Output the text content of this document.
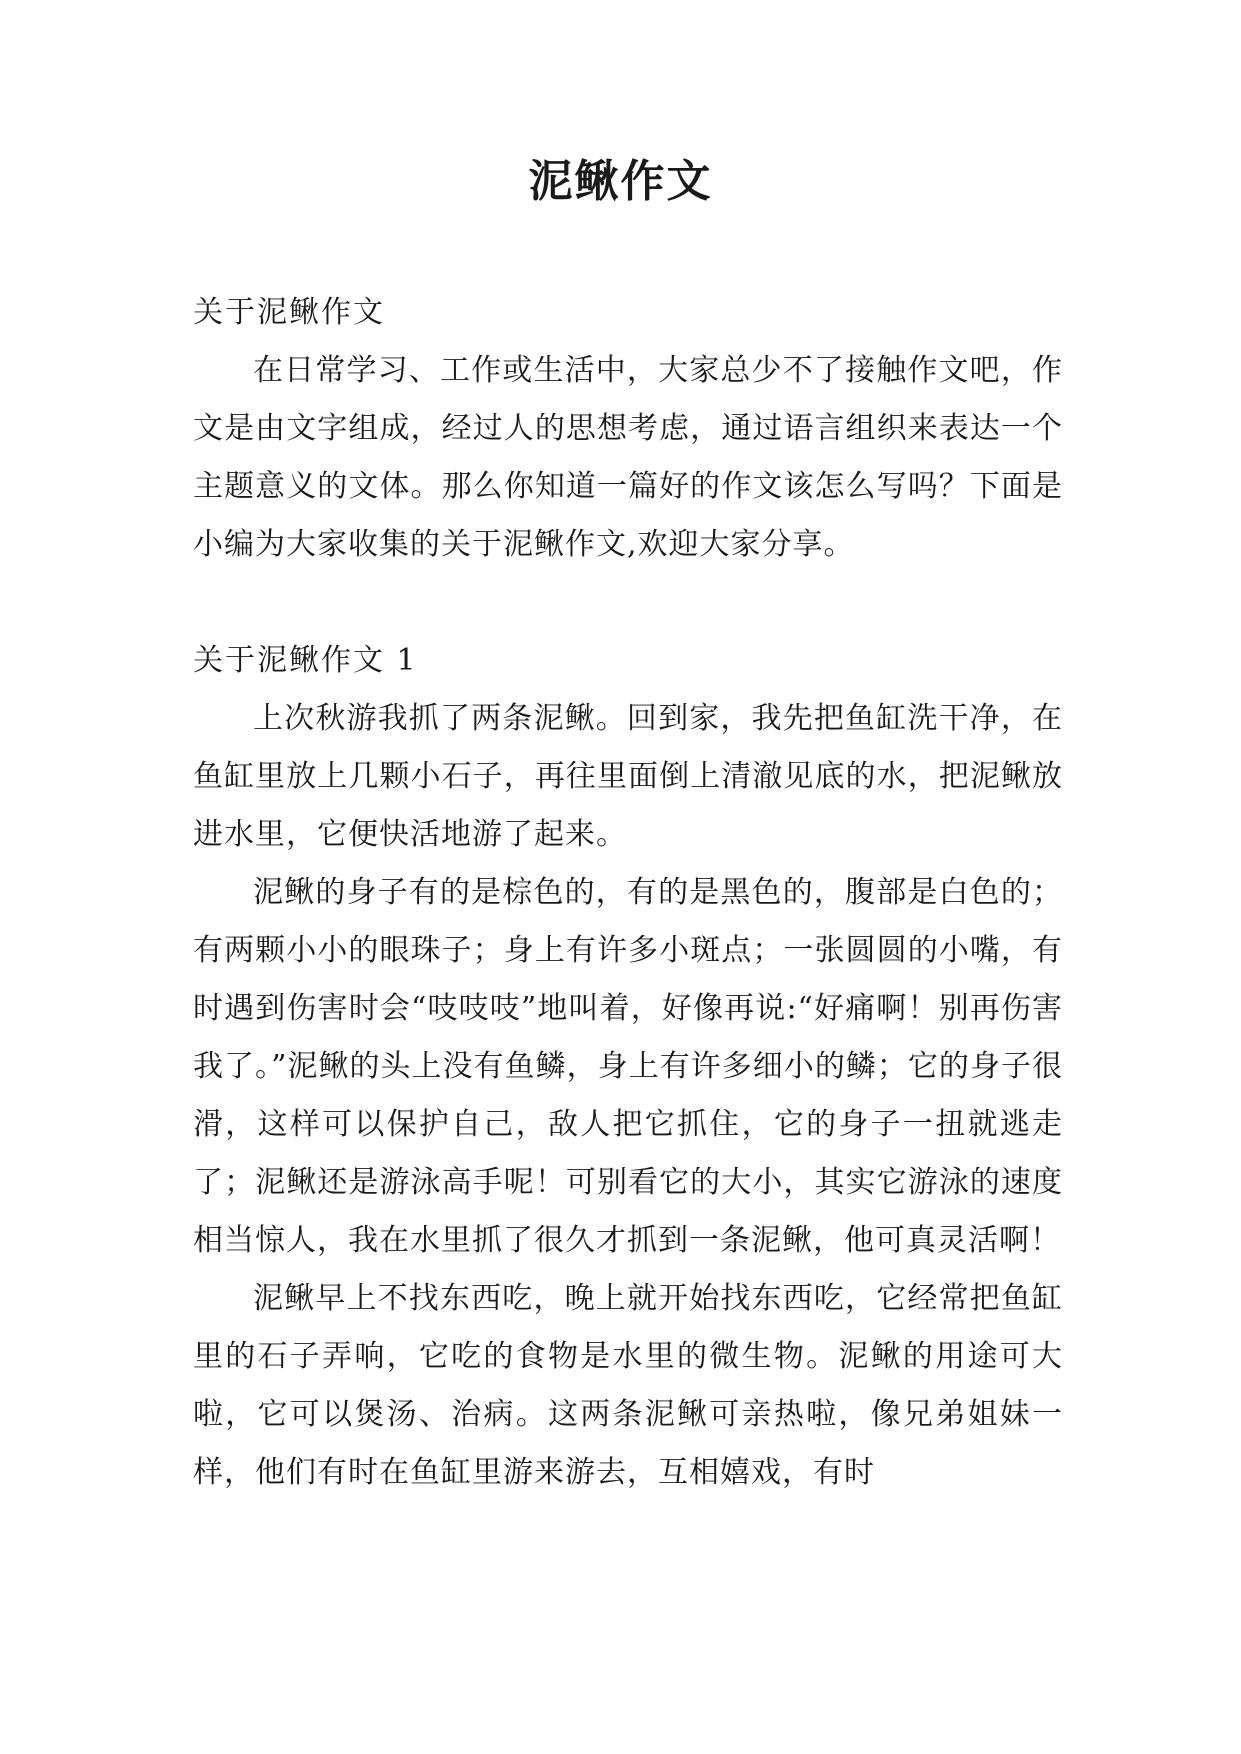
泥鳅作文

关于泥鳅作文

在日常学习、工作或生活中，大家总少不了接触作文吧，作文是由文字组成，经过人的思想考虑，通过语言组织来表达一个主题意义的文体。那么你知道一篇好的作文该怎么写吗？下面是小编为大家收集的关于泥鳅作文,欢迎大家分享。

关于泥鳅作文 1

上次秋游我抓了两条泥鳅。回到家，我先把鱼缸洗干净，在鱼缸里放上几颗小石子，再往里面倒上清澈见底的水，把泥鳅放进水里，它便快活地游了起来。

泥鳅的身子有的是棕色的，有的是黑色的，腹部是白色的；有两颗小小的眼珠子；身上有许多小斑点；一张圆圆的小嘴，有时遇到伤害时会“吱吱吱”地叫着，好像再说:“好痛啊！别再伤害我了。”泥鳅的头上没有鱼鳞，身上有许多细小的鳞；它的身子很滑，这样可以保护自己，敌人把它抓住，它的身子一扭就逃走了；泥鳅还是游泳高手呢！可别看它的大小，其实它游泳的速度相当惊人，我在水里抓了很久才抓到一条泥鳅，他可真灵活啊！

泥鳅早上不找东西吃，晚上就开始找东西吃，它经常把鱼缸里的石子弄响，它吃的食物是水里的微生物。泥鳅的用途可大啦，它可以煲汤、治病。这两条泥鳅可亲热啦，像兄弟姐妹一样，他们有时在鱼缸里游来游去，互相嬉戏，有时
